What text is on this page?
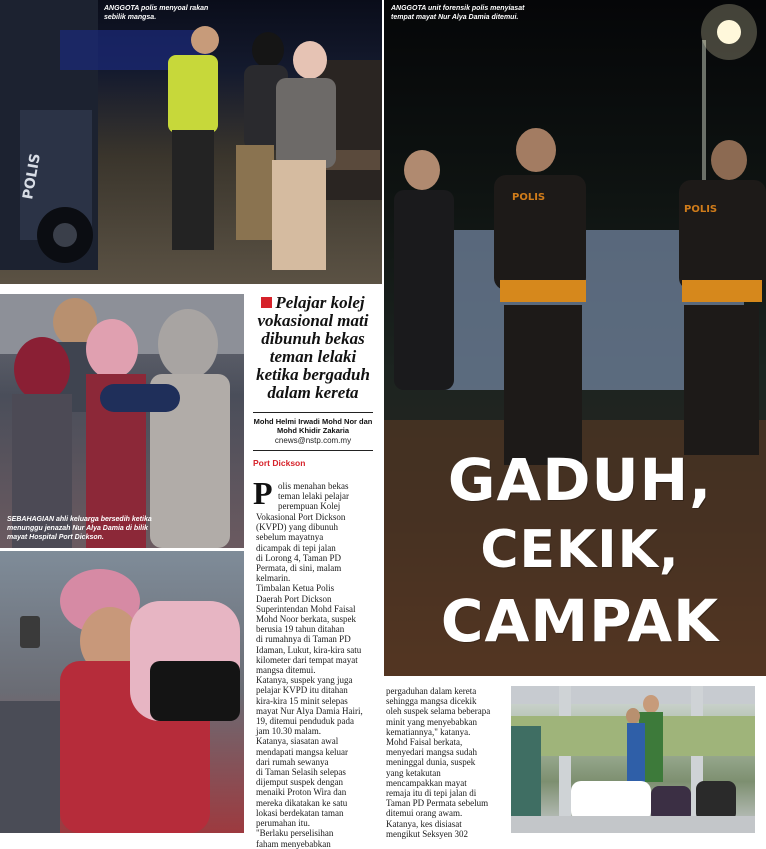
POLIS
ANGGOTA polis menyoal rakan sebilik mangsa.
POLIS
POLIS
ANGGOTA unit forensik polis menyiasat tempat mayat Nur Alya Damia ditemui.
GADUH,
CEKIK,
CAMPAK
SEBAHAGIAN ahli keluarga bersedih ketika menunggu jenazah Nur Alya Damia di bilik mayat Hospital Port Dickson.
Pelajar kolej vokasional mati dibunuh bekas teman lelaki ketika bergaduh dalam kereta
Mohd Helmi Irwadi Mohd Nor dan Mohd Khidir Zakaria
cnews@nstp.com.my
Port Dickson
P olis menahan bekas
teman lelaki pelajar
perempuan Kolej

Vokasional Port Dickson
(KVPD) yang dibunuh
sebelum mayatnya
dicampak di tepi jalan
di Lorong 4, Taman PD
Permata, di sini, malam
kelmarin.
Timbalan Ketua Polis
Daerah Port Dickson
Superintendan Mohd Faisal
Mohd Noor berkata, suspek
berusia 19 tahun ditahan
di rumahnya di Taman PD
Idaman, Lukut, kira-kira satu
kilometer dari tempat mayat
mangsa ditemui.
Katanya, suspek yang juga
pelajar KVPD itu ditahan
kira-kira 15 minit selepas
mayat Nur Alya Damia Hairi,
19, ditemui penduduk pada
jam 10.30 malam.
Katanya, siasatan awal
mendapati mangsa keluar
dari rumah sewanya
di Taman Selasih selepas
dijemput suspek dengan
menaiki Proton Wira dan
mereka dikatakan ke satu
lokasi berdekatan taman
perumahan itu.
"Berlaku perselisihan
faham menyebabkan

pergaduhan dalam kereta
sehingga mangsa dicekik
oleh suspek selama beberapa
minit yang menyebabkan
kematiannya," katanya.
Mohd Faisal berkata,
menyedari mangsa sudah
meninggal dunia, suspek
yang ketakutan
mencampakkan mayat
remaja itu di tepi jalan di
Taman PD Permata sebelum
ditemui orang awam.
Katanya, kes disiasat
mengikut Seksyen 302
